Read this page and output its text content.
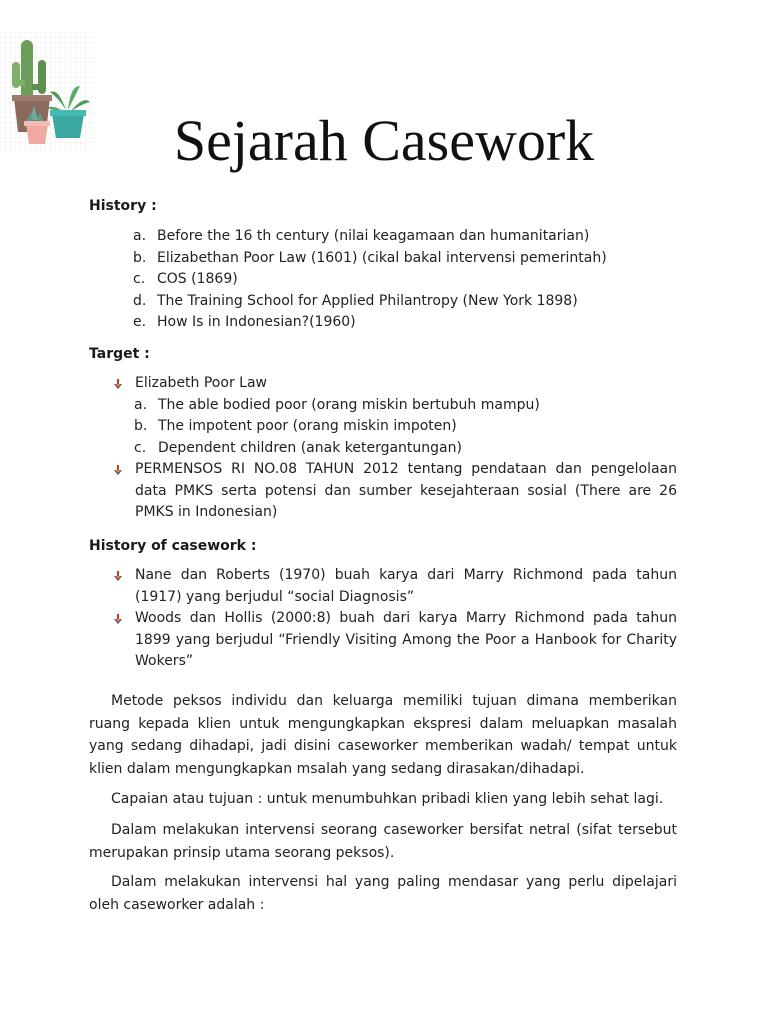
Sejarah Casework
History :
a. Before the 16 th century (nilai keagamaan dan humanitarian)
b. Elizabethan Poor Law (1601) (cikal bakal intervensi pemerintah)
c. COS (1869)
d. The Training School for Applied Philantropy (New York 1898)
e. How Is in Indonesian?(1960)
Target :
Elizabeth Poor Law
a. The able bodied poor (orang miskin bertubuh mampu)
b. The impotent poor (orang miskin impoten)
c. Dependent children (anak ketergantungan)
PERMENSOS RI NO.08 TAHUN 2012 tentang pendataan dan pengelolaan data PMKS serta potensi dan sumber kesejahteraan sosial (There are 26 PMKS in Indonesian)
History of casework :
Nane dan Roberts (1970) buah karya dari Marry Richmond pada tahun (1917) yang berjudul “social Diagnosis”
Woods dan Hollis (2000:8) buah dari karya Marry Richmond pada tahun 1899 yang berjudul “Friendly Visiting Among the Poor a Hanbook for Charity Wokers”

Metode peksos individu dan keluarga memiliki tujuan dimana memberikan ruang kepada klien untuk mengungkapkan ekspresi dalam meluapkan masalah yang sedang dihadapi, jadi disini caseworker memberikan wadah/ tempat untuk klien dalam mengungkapkan msalah yang sedang dirasakan/dihadapi.

Capaian atau tujuan : untuk menumbuhkan pribadi klien yang lebih sehat lagi.

Dalam melakukan intervensi seorang caseworker bersifat netral (sifat tersebut merupakan prinsip utama seorang peksos).

Dalam melakukan intervensi hal yang paling mendasar yang perlu dipelajari oleh caseworker adalah :
